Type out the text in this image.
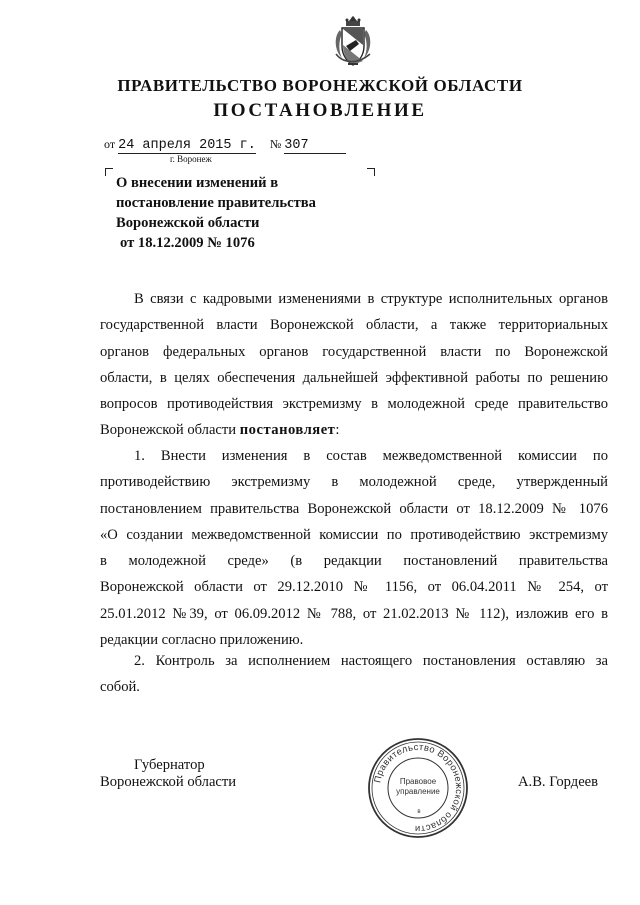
ПРАВИТЕЛЬСТВО ВОРОНЕЖСКОЙ ОБЛАСТИ
ПОСТАНОВЛЕНИЕ
от 24 апреля 2015 г. № 307
г. Воронеж
О внесении изменений в
постановление правительства
Воронежской области
от 18.12.2009 № 1076
В связи с кадровыми изменениями в структуре исполнительных органов
государственной власти Воронежской области, а также территориальных
органов федеральных органов государственной власти по Воронежской
области, в целях обеспечения дальнейшей эффективной работы по решению
вопросов противодействия экстремизму в молодежной среде правительство
Воронежской области постановляет:
1. Внести изменения в состав межведомственной комиссии по
противодействию экстремизму в молодежной среде, утвержденный
постановлением правительства Воронежской области от 18.12.2009 № 1076
«О создании межведомственной комиссии по противодействию экстремизму
в молодежной среде» (в редакции постановлений правительства
Воронежской области от 29.12.2010 № 1156, от 06.04.2011 № 254, от
25.01.2012 №39, от 06.09.2012 № 788, от 21.02.2013 № 112), изложив его в
редакции согласно приложению.
2. Контроль за исполнением настоящего постановления оставляю за
собой.
Губернатор
Воронежской области	А.В. Гордеев
Правительство Воронежской области
Правовое
управление
в
